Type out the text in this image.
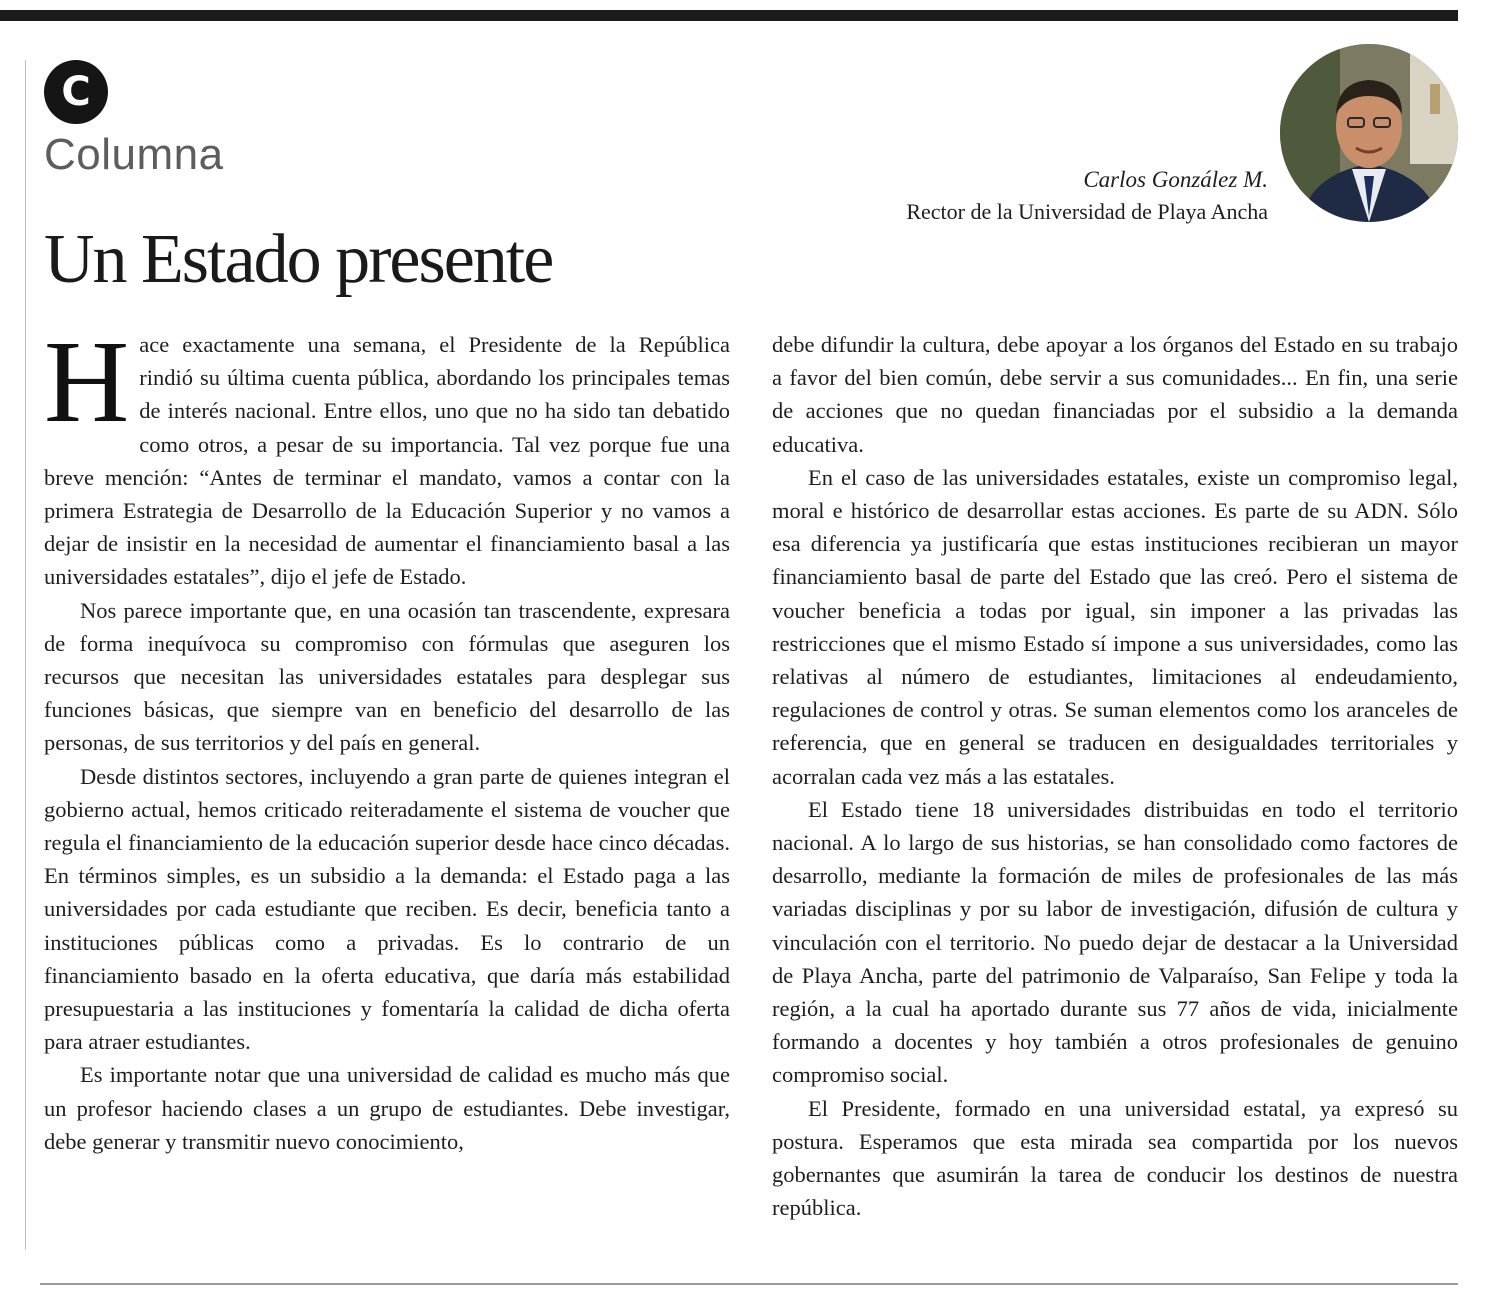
C
Columna
Carlos González M.
Rector de la Universidad de Playa Ancha
Un Estado presente

Hace exactamente una semana, el Presidente de la República rindió su última cuenta pública, abordando los principales temas de interés nacional. Entre ellos, uno que no ha sido tan debatido como otros, a pesar de su importancia. Tal vez porque fue una breve mención: “Antes de terminar el mandato, vamos a contar con la primera Estrategia de Desarrollo de la Educación Superior y no vamos a dejar de insistir en la necesidad de aumentar el financiamiento basal a las universidades estatales”, dijo el jefe de Estado.

Nos parece importante que, en una ocasión tan trascendente, expresara de forma inequívoca su compromiso con fórmulas que aseguren los recursos que necesitan las universidades estatales para desplegar sus funciones básicas, que siempre van en beneficio del desarrollo de las personas, de sus territorios y del país en general.

Desde distintos sectores, incluyendo a gran parte de quienes integran el gobierno actual, hemos criticado reiteradamente el sistema de voucher que regula el financiamiento de la educación superior desde hace cinco décadas. En términos simples, es un subsidio a la demanda: el Estado paga a las universidades por cada estudiante que reciben. Es decir, beneficia tanto a instituciones públicas como a privadas. Es lo contrario de un financiamiento basado en la oferta educativa, que daría más estabilidad presupuestaria a las instituciones y fomentaría la calidad de dicha oferta para atraer estudiantes.

Es importante notar que una universidad de calidad es mucho más que un profesor haciendo clases a un grupo de estudiantes. Debe investigar, debe generar y transmitir nuevo conocimiento,

debe difundir la cultura, debe apoyar a los órganos del Estado en su trabajo a favor del bien común, debe servir a sus comunidades... En fin, una serie de acciones que no quedan financiadas por el subsidio a la demanda educativa.

En el caso de las universidades estatales, existe un compromiso legal, moral e histórico de desarrollar estas acciones. Es parte de su ADN. Sólo esa diferencia ya justificaría que estas instituciones recibieran un mayor financiamiento basal de parte del Estado que las creó. Pero el sistema de voucher beneficia a todas por igual, sin imponer a las privadas las restricciones que el mismo Estado sí impone a sus universidades, como las relativas al número de estudiantes, limitaciones al endeudamiento, regulaciones de control y otras. Se suman elementos como los aranceles de referencia, que en general se traducen en desigualdades territoriales y acorralan cada vez más a las estatales.

El Estado tiene 18 universidades distribuidas en todo el territorio nacional. A lo largo de sus historias, se han consolidado como factores de desarrollo, mediante la formación de miles de profesionales de las más variadas disciplinas y por su labor de investigación, difusión de cultura y vinculación con el territorio. No puedo dejar de destacar a la Universidad de Playa Ancha, parte del patrimonio de Valparaíso, San Felipe y toda la región, a la cual ha aportado durante sus 77 años de vida, inicialmente formando a docentes y hoy también a otros profesionales de genuino compromiso social.

El Presidente, formado en una universidad estatal, ya expresó su postura. Esperamos que esta mirada sea compartida por los nuevos gobernantes que asumirán la tarea de conducir los destinos de nuestra república.
